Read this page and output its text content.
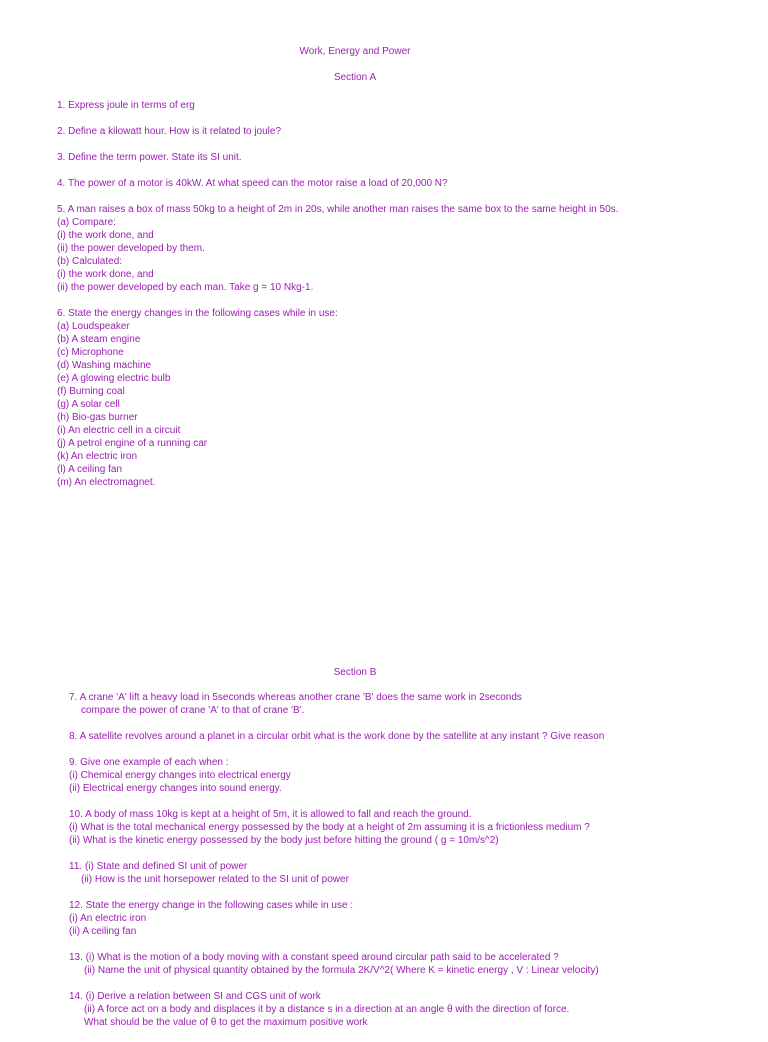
Work, Energy and Power
Section A
1. Express joule in terms of erg
2. Define a kilowatt hour. How is it related to joule?
3. Define the term power. State its SI unit.
4. The power of a motor is 40kW. At what speed can the motor raise a load of 20,000 N?
5. A man raises a box of mass 50kg to a height of 2m in 20s, while another man raises the same box to the same height in 50s.
(a) Compare:
(i) the work done, and
(ii) the power developed by them.
(b) Calculated:
(i) the work done, and
(ii) the power developed by each man. Take g = 10 Nkg-1.
6. State the energy changes in the following cases while in use:
(a) Loudspeaker
(b) A steam engine
(c) Microphone
(d) Washing machine
(e) A glowing electric bulb
(f) Burning coal
(g) A solar cell
(h) Bio-gas burner
(i) An electric cell in a circuit
(j) A petrol engine of a running car
(k) An electric iron
(l) A ceiling fan
(m) An electromagnet.
Section B
7. A crane 'A' lift a heavy load in 5seconds whereas another crane 'B' does the same work in 2seconds
compare the power of crane 'A' to that of crane 'B'.
8. A satellite revolves around a planet in a circular orbit what is the work done by the satellite at any instant ? Give reason
9. Give one example of each when :
(i) Chemical energy changes into electrical energy
(ii) Electrical energy changes into sound energy.
10. A body of mass 10kg is kept at a height of 5m, it is allowed to fall and reach the ground.
(i) What is the total mechanical energy possessed by the body at a height of 2m assuming it is a frictionless medium ?
(ii) What is the kinetic energy possessed by the body just before hitting the ground ( g = 10m/s^2)
11. (i) State and defined SI unit of power
(ii) How is the unit horsepower related to the SI unit of power
12. State the energy change in the following cases while in use :
(i) An electric iron
(ii) A ceiling fan
13. (i) What is the motion of a body moving with a constant speed around circular path said to be accelerated ?
(ii) Name the unit of physical quantity obtained by the formula 2K/V^2( Where K = kinetic energy , V : Linear velocity)
14. (i) Derive a relation between SI and CGS unit of work
(ii) A force act on a body and displaces it by a distance s in a direction at an angle θ with the direction of force.
What should be the value of θ to get the maximum positive work
